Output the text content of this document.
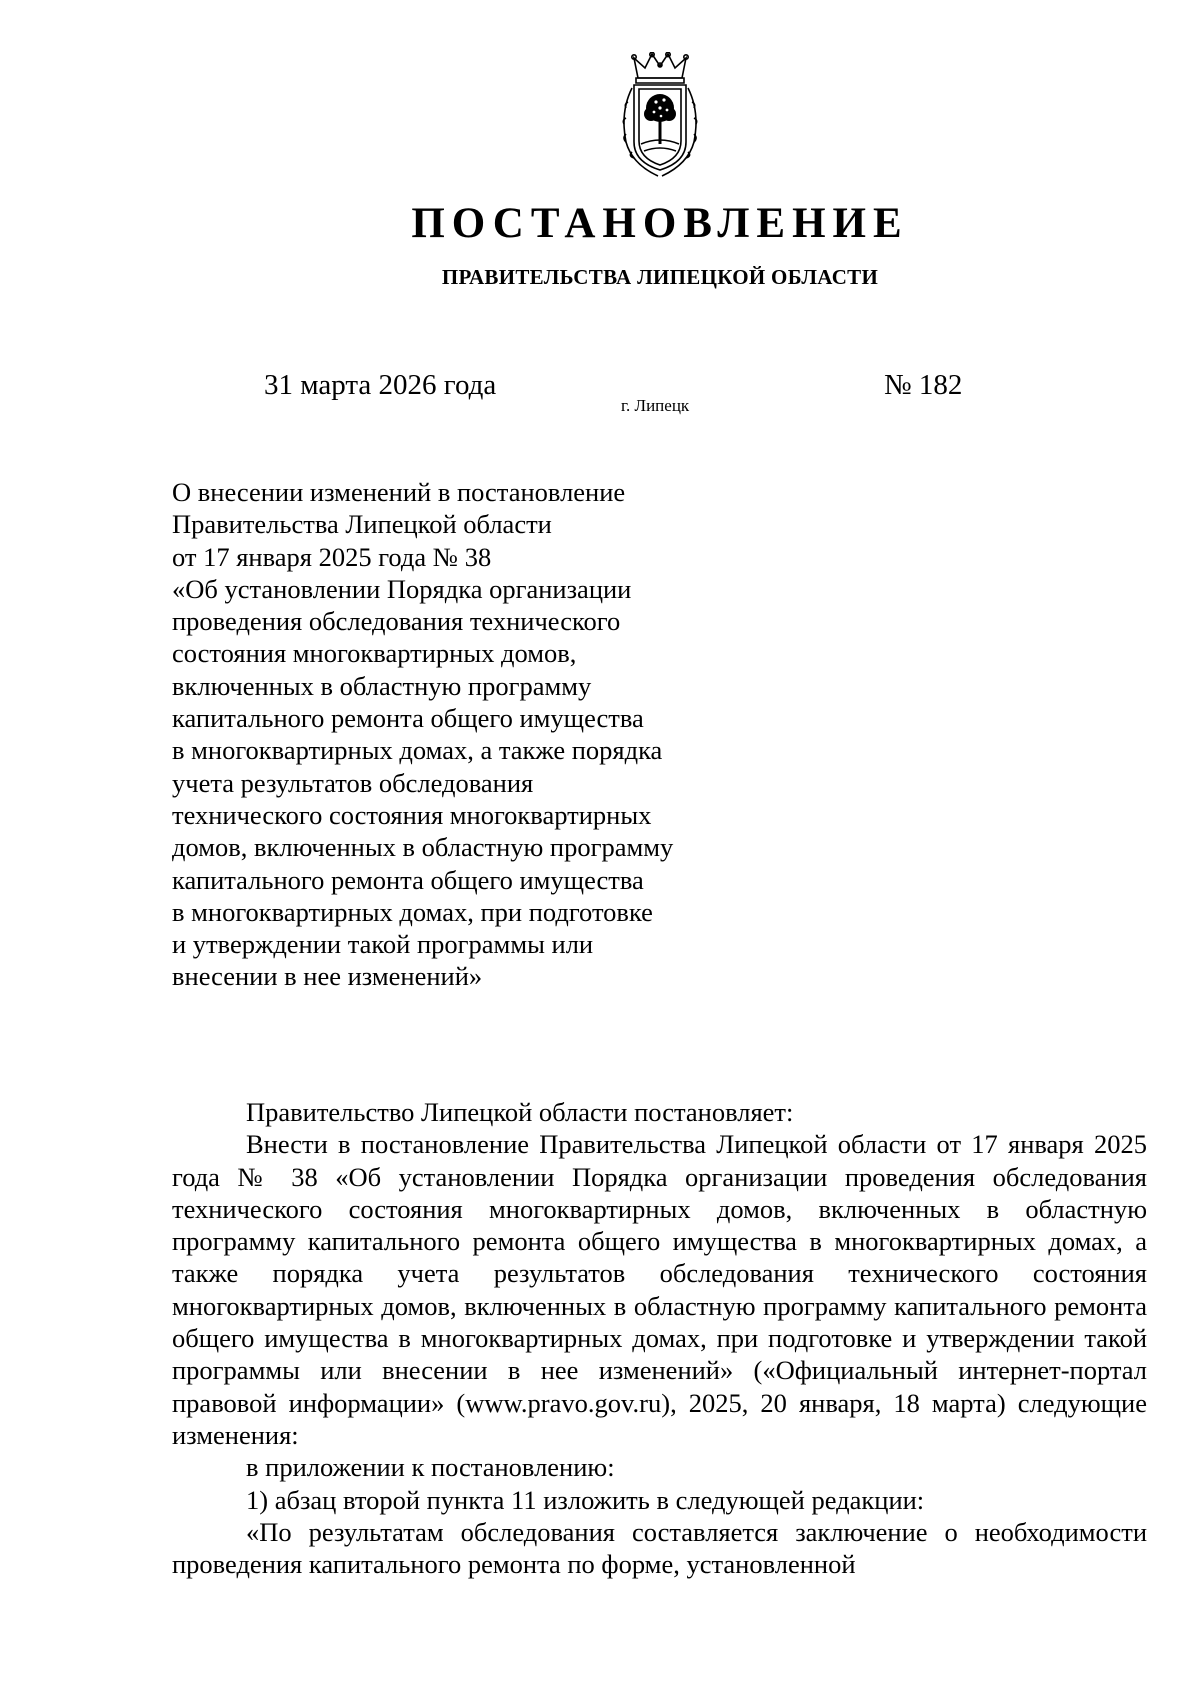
ПОСТАНОВЛЕНИЕ
ПРАВИТЕЛЬСТВА ЛИПЕЦКОЙ ОБЛАСТИ
31 марта 2026 года
г. Липецк
№ 182
О внесении изменений в постановление
Правительства Липецкой области
от 17 января 2025 года № 38
«Об установлении Порядка организации
проведения обследования технического
состояния многоквартирных домов,
включенных в областную программу
капитального ремонта общего имущества
в многоквартирных домах, а также порядка
учета результатов обследования
технического состояния многоквартирных
домов, включенных в областную программу
капитального ремонта общего имущества
в многоквартирных домах, при подготовке
и утверждении такой программы или
внесении в нее изменений»

Правительство Липецкой области постановляет:

Внести в постановление Правительства Липецкой области от 17 января 2025 года № 38 «Об установлении Порядка организации проведения обследования технического состояния многоквартирных домов, включенных в областную программу капитального ремонта общего имущества в многоквартирных домах, а также порядка учета результатов обследования технического состояния многоквартирных домов, включенных в областную программу капитального ремонта общего имущества в многоквартирных домах, при подготовке и утверждении такой программы или внесении в нее изменений» («Официальный интернет-портал правовой информации» (www.pravo.gov.ru), 2025, 20 января, 18 марта) следующие изменения:

в приложении к постановлению:

1) абзац второй пункта 11 изложить в следующей редакции:

«По результатам обследования составляется заключение о необходимости проведения капитального ремонта по форме, установленной
